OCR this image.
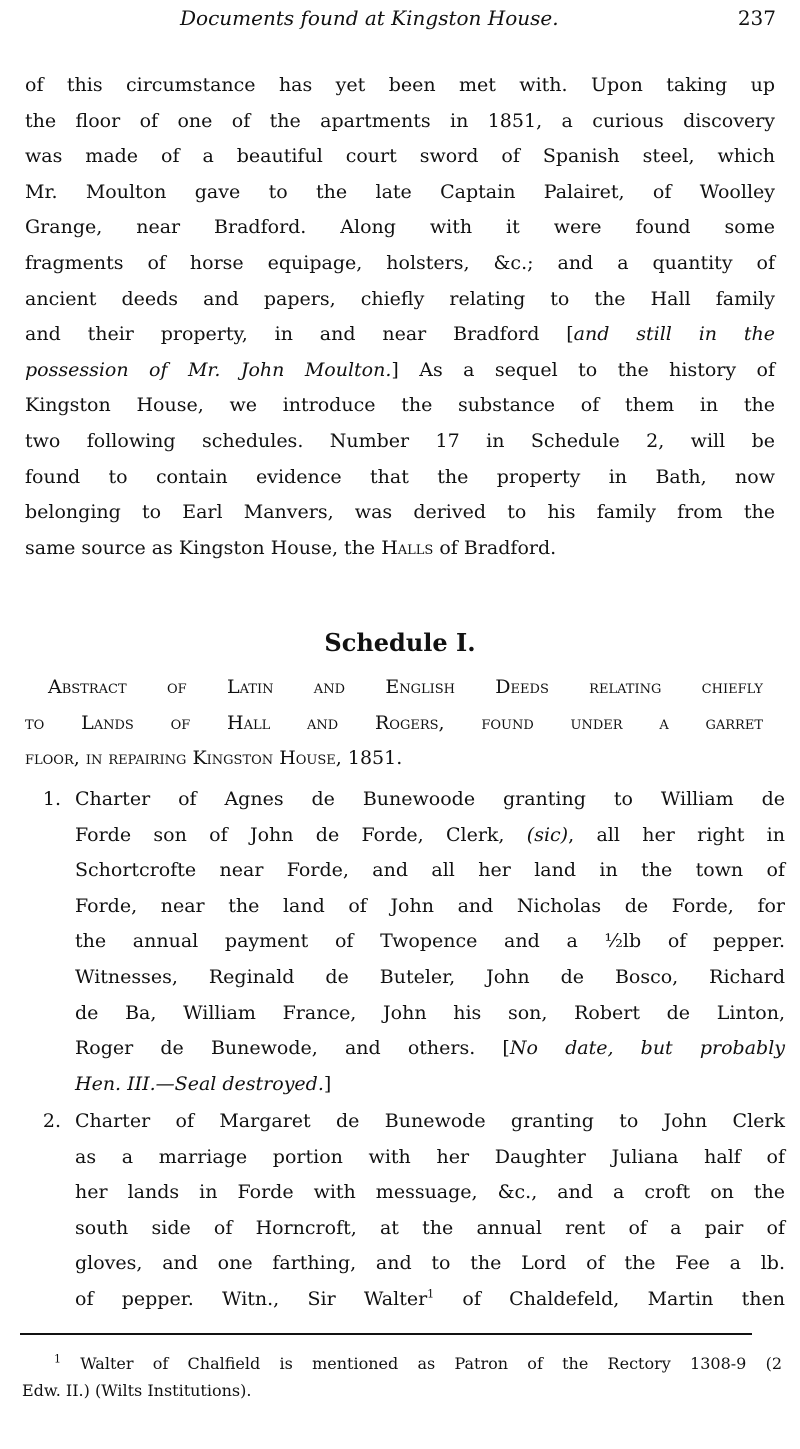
Documents found at Kingston House.	237
of this circumstance has yet been met with. Upon taking up
the floor of one of the apartments in 1851, a curious discovery
was made of a beautiful court sword of Spanish steel, which
Mr. Moulton gave to the late Captain Palairet, of Woolley
Grange, near Bradford. Along with it were found some
fragments of horse equipage, holsters, &c.; and a quantity of
ancient deeds and papers, chiefly relating to the Hall family
and their property, in and near Bradford [and still in the
possession of Mr. John Moulton.] As a sequel to the history of
Kingston House, we introduce the substance of them in the
two following schedules. Number 17 in Schedule 2, will be
found to contain evidence that the property in Bath, now
belonging to Earl Manvers, was derived to his family from the
same source as Kingston House, the Halls of Bradford.
Schedule I.
Abstract of Latin and English Deeds relating chiefly
to Lands of Hall and Rogers, found under a garret
floor, in repairing Kingston House, 1851.
1. Charter of Agnes de Bunewoode granting to William de
Forde son of John de Forde, Clerk, (sic), all her right in
Schortcrofte near Forde, and all her land in the town of
Forde, near the land of John and Nicholas de Forde, for
the annual payment of Twopence and a ½lb of pepper.
Witnesses, Reginald de Buteler, John de Bosco, Richard
de Ba, William France, John his son, Robert de Linton,
Roger de Bunewode, and others. [No date, but probably
Hen. III.—Seal destroyed.]
2. Charter of Margaret de Bunewode granting to John Clerk
as a marriage portion with her Daughter Juliana half of
her lands in Forde with messuage, &c., and a croft on the
south side of Horncroft, at the annual rent of a pair of
gloves, and one farthing, and to the Lord of the Fee a lb.
of pepper. Witn., Sir Walter$^1$ of Chaldefeld, Martin then
$^1$ Walter of Chalfield is mentioned as Patron of the Rectory 1308-9 (2
Edw. II.) (Wilts Institutions).
